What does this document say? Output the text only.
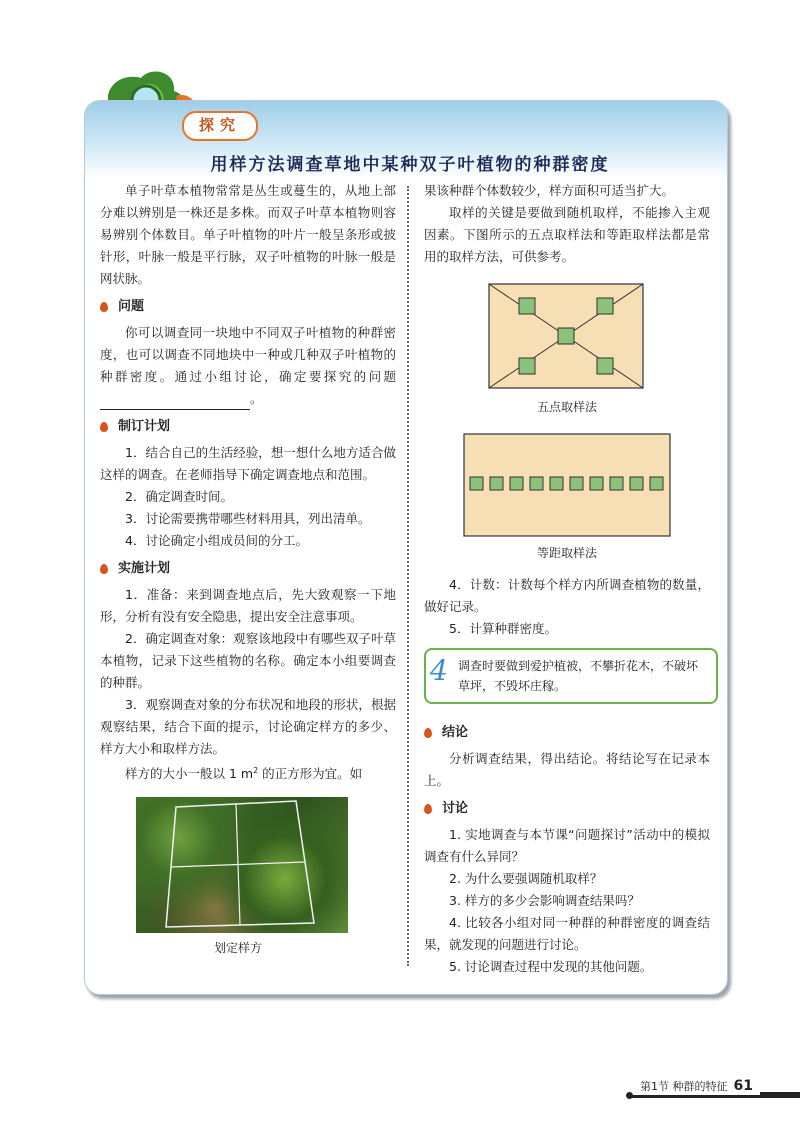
探究
用样方法调查草地中某种双子叶植物的种群密度

单子叶草本植物常常是丛生或蔓生的，从地上部分难以辨别是一株还是多株。而双子叶草本植物则容易辨别个体数目。单子叶植物的叶片一般呈条形或披针形，叶脉一般是平行脉，双子叶植物的叶脉一般是网状脉。

问题

你可以调查同一块地中不同双子叶植物的种群密度，也可以调查不同地块中一种或几种双子叶植物的种群密度。通过小组讨论，确定要探究的问题。

制订计划

1．结合自己的生活经验，想一想什么地方适合做这样的调查。在老师指导下确定调查地点和范围。

2．确定调查时间。

3．讨论需要携带哪些材料用具，列出清单。

4．讨论确定小组成员间的分工。

实施计划

1．准备：来到调查地点后，先大致观察一下地形，分析有没有安全隐患，提出安全注意事项。

2．确定调查对象：观察该地段中有哪些双子叶草本植物，记录下这些植物的名称。确定本小组要调查的种群。

3．观察调查对象的分布状况和地段的形状，根据观察结果，结合下面的提示，讨论确定样方的多少、样方大小和取样方法。

样方的大小一般以 1 $m^2$ 的正方形为宜。如

划定样方

果该种群个体数较少，样方面积可适当扩大。

取样的关键是要做到随机取样，不能掺入主观因素。下图所示的五点取样法和等距取样法都是常用的取样方法，可供参考。

五点取样法
等距取样法

4．计数：计数每个样方内所调查植物的数量，做好记录。

5．计算种群密度。

4 调查时要做到爱护植被，不攀折花木，不破坏草坪，不毁坏庄稼。
结论

分析调查结果，得出结论。将结论写在记录本上。

讨论

1. 实地调查与本节课“问题探讨”活动中的模拟调查有什么异同？

2. 为什么要强调随机取样？

3. 样方的多少会影响调查结果吗？

4. 比较各小组对同一种群的种群密度的调查结果，就发现的问题进行讨论。

5. 讨论调查过程中发现的其他问题。

第1节 种群的特征 61
